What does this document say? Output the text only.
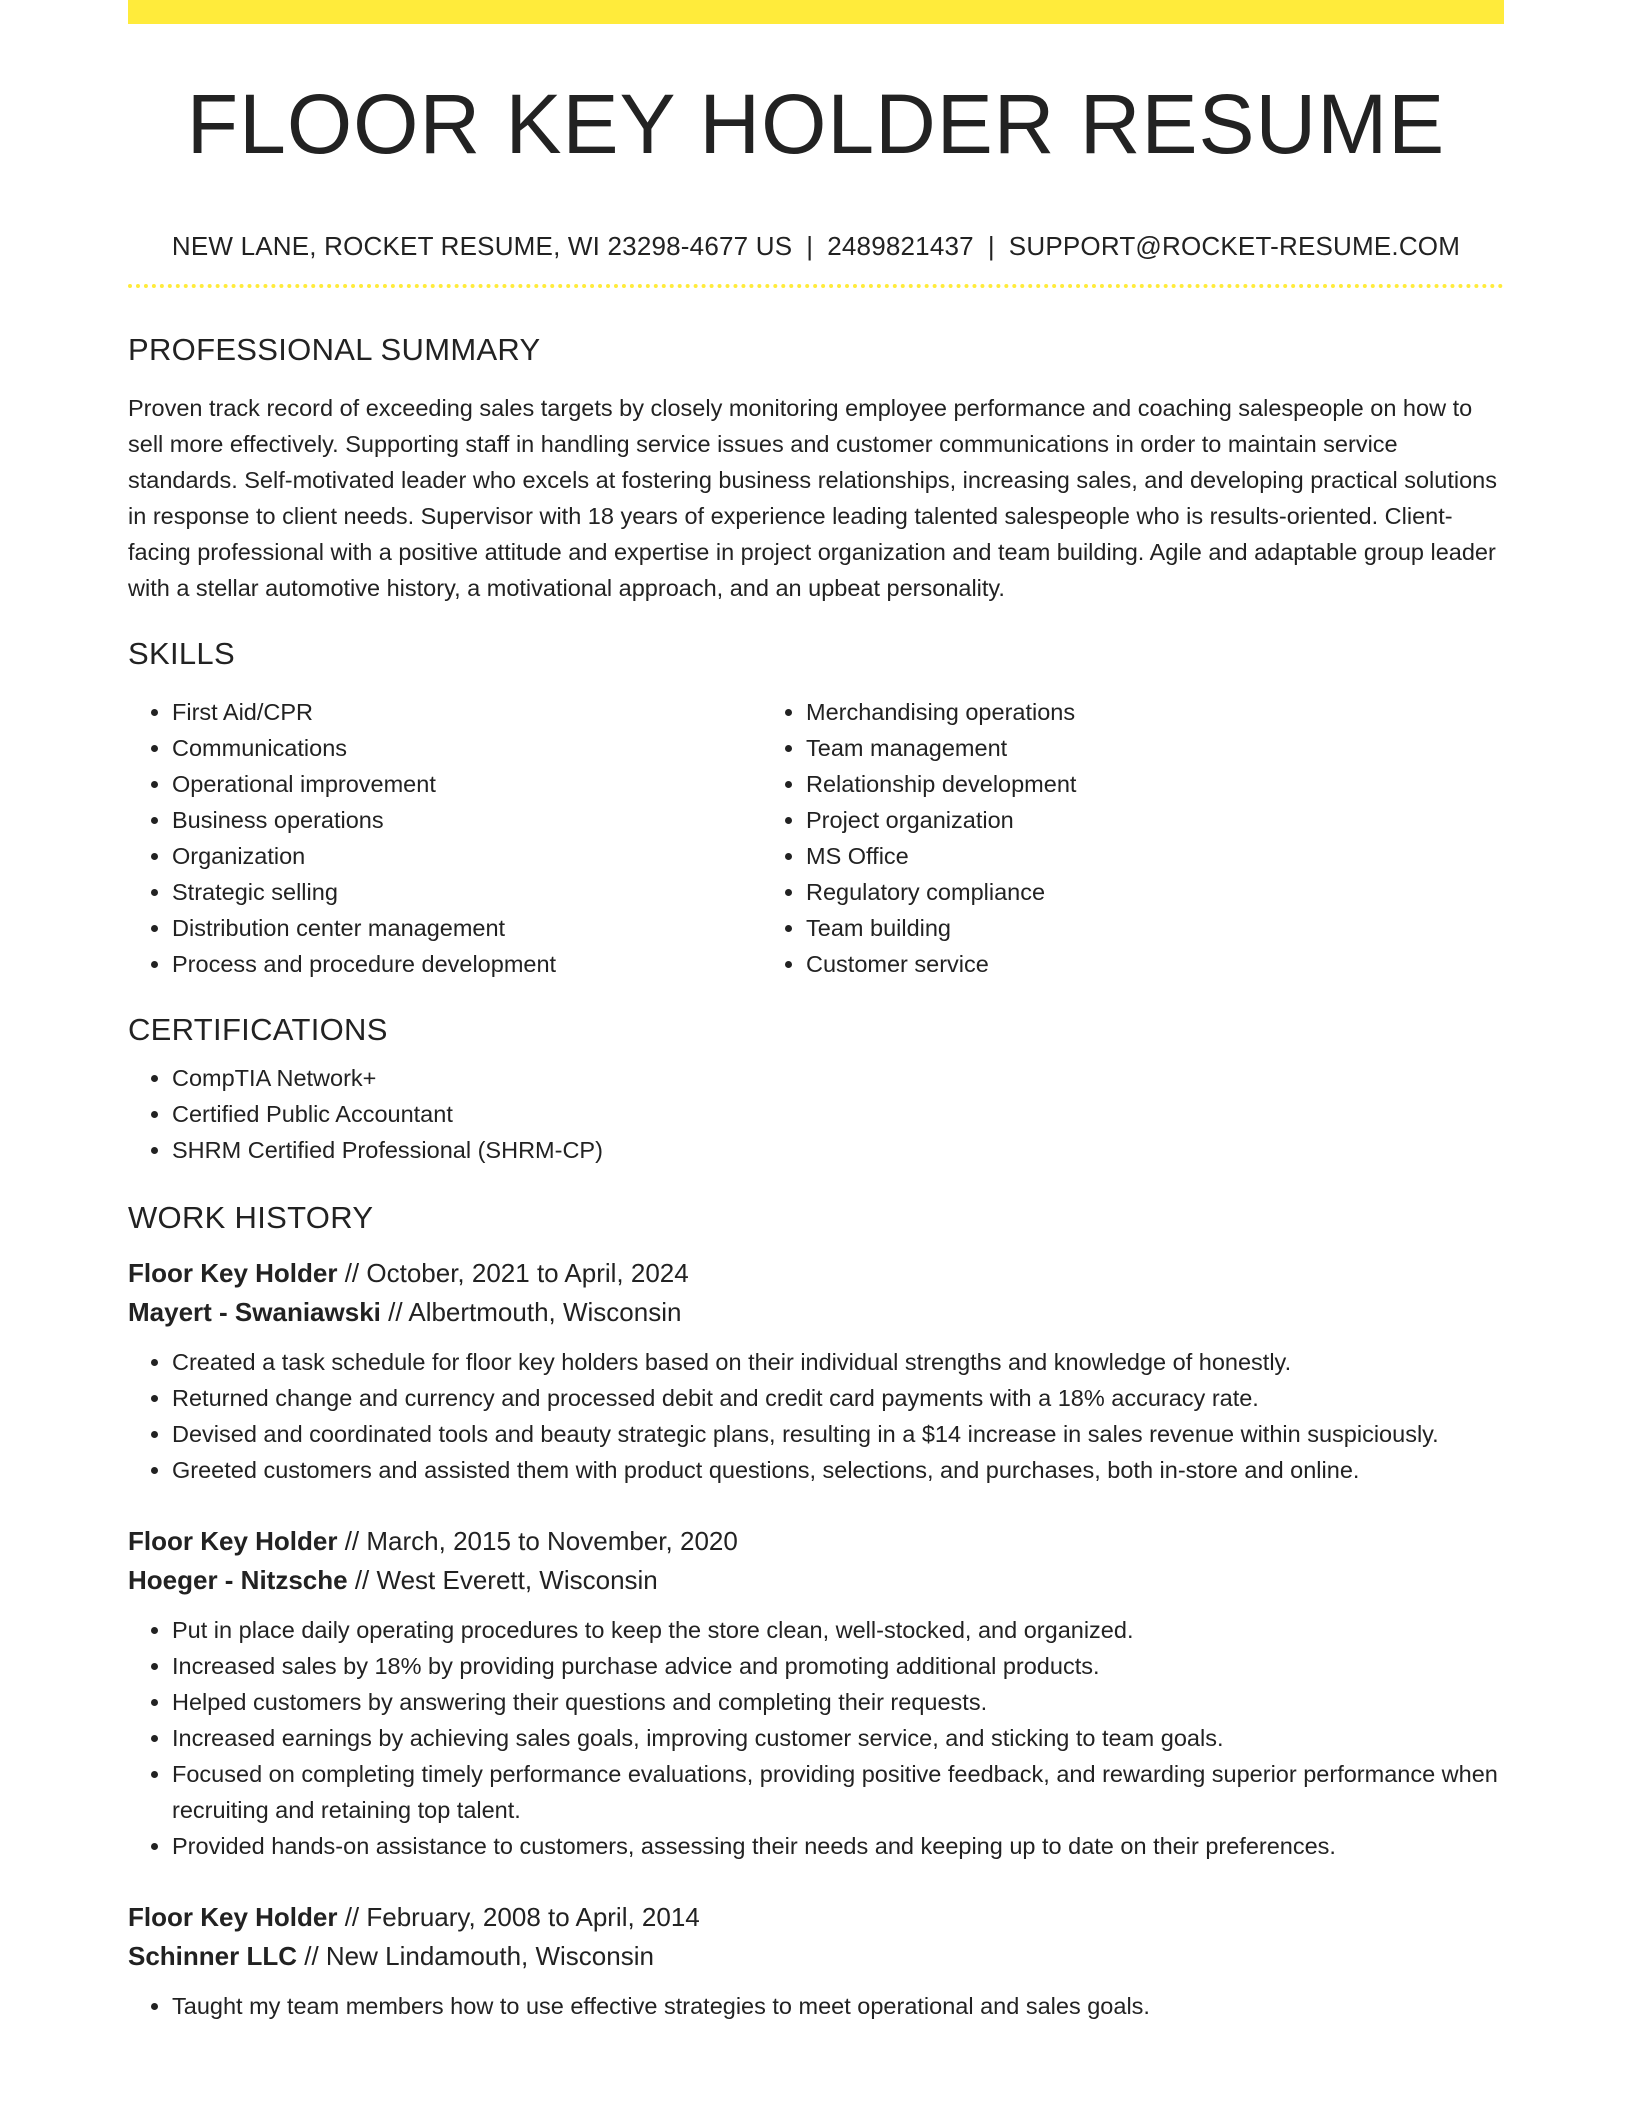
FLOOR KEY HOLDER RESUME
NEW LANE, ROCKET RESUME, WI 23298-4677 US | 2489821437 | SUPPORT@ROCKET-RESUME.COM
PROFESSIONAL SUMMARY

Proven track record of exceeding sales targets by closely monitoring employee performance and coaching salespeople on how to sell more effectively. Supporting staff in handling service issues and customer communications in order to maintain service standards. Self-motivated leader who excels at fostering business relationships, increasing sales, and developing practical solutions in response to client needs. Supervisor with 18 years of experience leading talented salespeople who is results-oriented. Client-facing professional with a positive attitude and expertise in project organization and team building. Agile and adaptable group leader with a stellar automotive history, a motivational approach, and an upbeat personality.

SKILLS
• First Aid/CPR
• Communications
• Operational improvement
• Business operations
• Organization
• Strategic selling
• Distribution center management
• Process and procedure development
• Merchandising operations
• Team management
• Relationship development
• Project organization
• MS Office
• Regulatory compliance
• Team building
• Customer service
CERTIFICATIONS
• CompTIA Network+
• Certified Public Accountant
• SHRM Certified Professional (SHRM-CP)
WORK HISTORY
Floor Key Holder // October, 2021 to April, 2024
Mayert - Swaniawski // Albertmouth, Wisconsin
• Created a task schedule for floor key holders based on their individual strengths and knowledge of honestly.
• Returned change and currency and processed debit and credit card payments with a 18% accuracy rate.
• Devised and coordinated tools and beauty strategic plans, resulting in a $14 increase in sales revenue within suspiciously.
• Greeted customers and assisted them with product questions, selections, and purchases, both in-store and online.
Floor Key Holder // March, 2015 to November, 2020
Hoeger - Nitzsche // West Everett, Wisconsin
• Put in place daily operating procedures to keep the store clean, well-stocked, and organized.
• Increased sales by 18% by providing purchase advice and promoting additional products.
• Helped customers by answering their questions and completing their requests.
• Increased earnings by achieving sales goals, improving customer service, and sticking to team goals.
• Focused on completing timely performance evaluations, providing positive feedback, and rewarding superior performance when recruiting and retaining top talent.
• Provided hands-on assistance to customers, assessing their needs and keeping up to date on their preferences.
Floor Key Holder // February, 2008 to April, 2014
Schinner LLC // New Lindamouth, Wisconsin
• Taught my team members how to use effective strategies to meet operational and sales goals.
